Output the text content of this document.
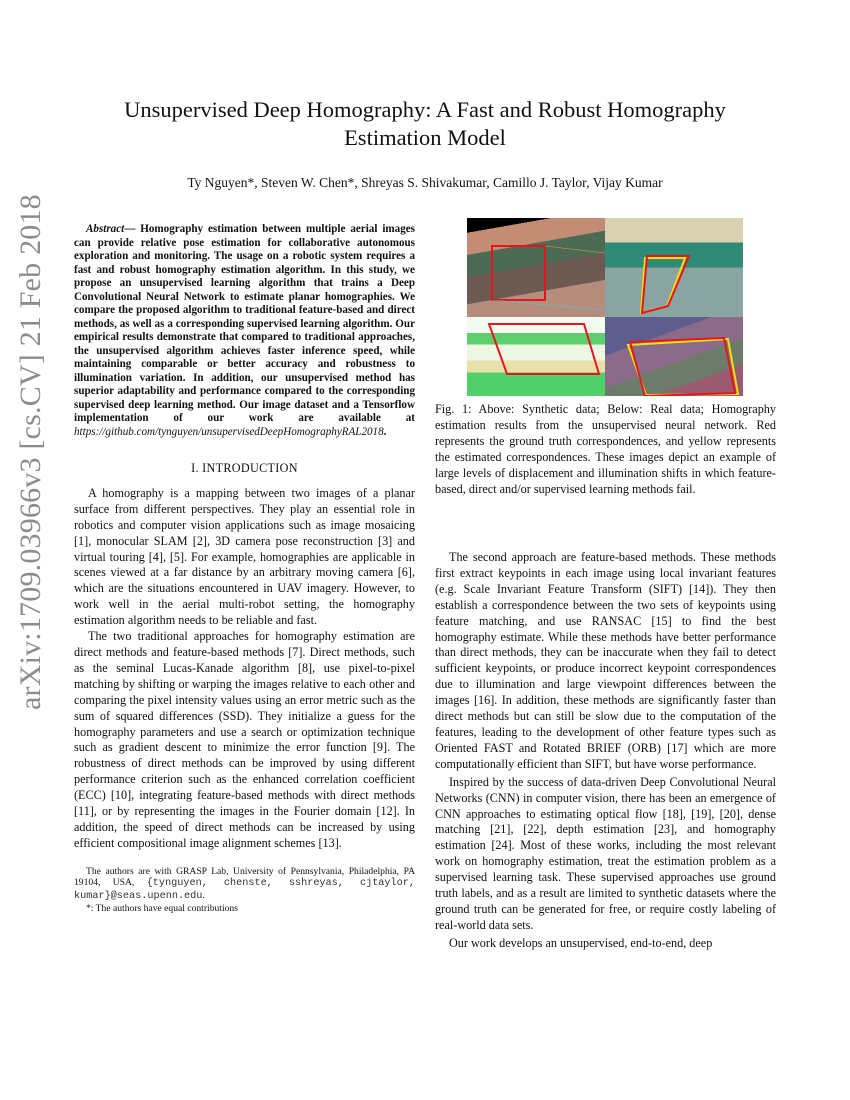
arXiv:1709.03966v3 [cs.CV] 21 Feb 2018
Unsupervised Deep Homography: A Fast and Robust Homography Estimation Model
Ty Nguyen*, Steven W. Chen*, Shreyas S. Shivakumar, Camillo J. Taylor, Vijay Kumar

Abstract— Homography estimation between multiple aerial images can provide relative pose estimation for collaborative autonomous exploration and monitoring. The usage on a robotic system requires a fast and robust homography estimation algorithm. In this study, we propose an unsupervised learning algorithm that trains a Deep Convolutional Neural Network to estimate planar homographies. We compare the proposed algorithm to traditional feature-based and direct methods, as well as a corresponding supervised learning algorithm. Our empirical results demonstrate that compared to traditional approaches, the unsupervised algorithm achieves faster inference speed, while maintaining comparable or better accuracy and robustness to illumination variation. In addition, our unsupervised method has superior adaptability and performance compared to the corresponding supervised deep learning method. Our image dataset and a Tensorflow implementation of our work are available at https://github.com/tynguyen/unsupervisedDeepHomographyRAL2018.

I. INTRODUCTION

A homography is a mapping between two images of a planar surface from different perspectives. They play an essential role in robotics and computer vision applications such as image mosaicing [1], monocular SLAM [2], 3D camera pose reconstruction [3] and virtual touring [4], [5]. For example, homographies are applicable in scenes viewed at a far distance by an arbitrary moving camera [6], which are the situations encountered in UAV imagery. However, to work well in the aerial multi-robot setting, the homography estimation algorithm needs to be reliable and fast.

The two traditional approaches for homography estimation are direct methods and feature-based methods [7]. Direct methods, such as the seminal Lucas-Kanade algorithm [8], use pixel-to-pixel matching by shifting or warping the images relative to each other and comparing the pixel intensity values using an error metric such as the sum of squared differences (SSD). They initialize a guess for the homography parameters and use a search or optimization technique such as gradient descent to minimize the error function [9]. The robustness of direct methods can be improved by using different performance criterion such as the enhanced correlation coefficient (ECC) [10], integrating feature-based methods with direct methods [11], or by representing the images in the Fourier domain [12]. In addition, the speed of direct methods can be increased by using efficient compositional image alignment schemes [13].

The authors are with GRASP Lab, University of Pennsylvania, Philadelphia, PA 19104, USA, {tynguyen, chenste, sshreyas, cjtaylor, kumar}@seas.upenn.edu.
*: The authors have equal contributions
Fig. 1: Above: Synthetic data; Below: Real data; Homography estimation results from the unsupervised neural network. Red represents the ground truth correspondences, and yellow represents the estimated correspondences. These images depict an example of large levels of displacement and illumination shifts in which feature-based, direct and/or supervised learning methods fail.

The second approach are feature-based methods. These methods first extract keypoints in each image using local invariant features (e.g. Scale Invariant Feature Transform (SIFT) [14]). They then establish a correspondence between the two sets of keypoints using feature matching, and use RANSAC [15] to find the best homography estimate. While these methods have better performance than direct methods, they can be inaccurate when they fail to detect sufficient keypoints, or produce incorrect keypoint correspondences due to illumination and large viewpoint differences between the images [16]. In addition, these methods are significantly faster than direct methods but can still be slow due to the computation of the features, leading to the development of other feature types such as Oriented FAST and Rotated BRIEF (ORB) [17] which are more computationally efficient than SIFT, but have worse performance.

Inspired by the success of data-driven Deep Convolutional Neural Networks (CNN) in computer vision, there has been an emergence of CNN approaches to estimating optical flow [18], [19], [20], dense matching [21], [22], depth estimation [23], and homography estimation [24]. Most of these works, including the most relevant work on homography estimation, treat the estimation problem as a supervised learning task. These supervised approaches use ground truth labels, and as a result are limited to synthetic datasets where the ground truth can be generated for free, or require costly labeling of real-world data sets.

Our work develops an unsupervised, end-to-end, deep
